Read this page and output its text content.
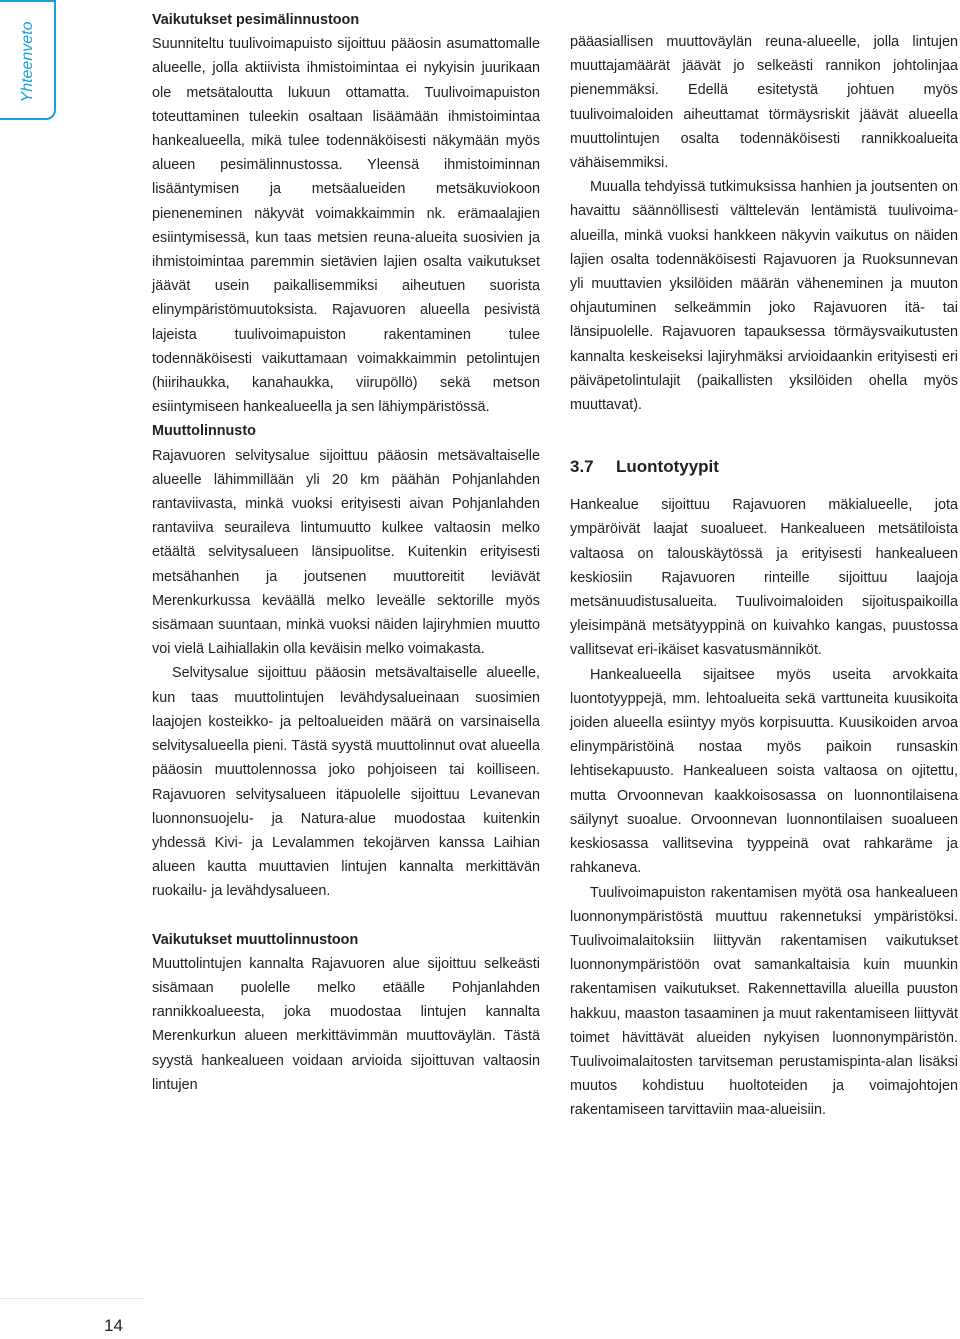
Yhteenveto

Vaikutukset pesimälinnustoon

Suunniteltu tuulivoimapuisto sijoittuu pääosin asumattomalle alueelle, jolla aktiivista ihmistoimintaa ei nykyisin juurikaan ole metsätaloutta lukuun ottamatta. Tuulivoimapuiston toteuttaminen tuleekin osaltaan lisäämään ihmistoimintaa hankealueella, mikä tulee todennäköisesti näkymään myös alueen pesimälinnustossa. Yleensä ihmistoiminnan lisääntymisen ja metsäalueiden metsäkuviokoon pieneneminen näkyvät voimakkaimmin nk. erämaalajien esiintymisessä, kun taas metsien reuna-alueita suosivien ja ihmistoimintaa paremmin sietävien lajien osalta vaikutukset jäävät usein paikallisemmiksi aiheutuen suorista elinympäristömuutoksista. Rajavuoren alueella pesivistä lajeista tuulivoimapuiston rakentaminen tulee todennäköisesti vaikuttamaan voimakkaimmin petolintujen (hiirihaukka, kanahaukka, viirupöllö) sekä metson esiintymiseen hankealueella ja sen lähiympäristössä.

Muuttolinnusto

Rajavuoren selvitysalue sijoittuu pääosin metsävaltaiselle alueelle lähimmillään yli 20 km päähän Pohjanlahden rantaviivasta, minkä vuoksi erityisesti aivan Pohjanlahden rantaviiva seuraileva lintumuutto kulkee valtaosin melko etäältä selvitysalueen länsipuolitse. Kuitenkin erityisesti metsähanhen ja joutsenen muuttoreitit leviävät Merenkurkussa keväällä melko leveälle sektorille myös sisämaan suuntaan, minkä vuoksi näiden lajiryhmien muutto voi vielä Laihiallakin olla keväisin melko voimakasta.

Selvitysalue sijoittuu pääosin metsävaltaiselle alueelle, kun taas muuttolintujen levähdysalueinaan suosimien laajojen kosteikko- ja peltoalueiden määrä on varsinaisella selvitysalueella pieni. Tästä syystä muuttolinnut ovat alueella pääosin muuttolennossa joko pohjoiseen tai koilliseen. Rajavuoren selvitysalueen itäpuolelle sijoittuu Levanevan luonnonsuojelu- ja Natura-alue muodostaa kuitenkin yhdessä Kivi- ja Levalammen tekojärven kanssa Laihian alueen kautta muuttavien lintujen kannalta merkittävän ruokailu- ja levähdysalueen.

Vaikutukset muuttolinnustoon

Muuttolintujen kannalta Rajavuoren alue sijoittuu selkeästi sisämaan puolelle melko etäälle Pohjanlahden rannikkoalueesta, joka muodostaa lintujen kannalta Merenkurkun alueen merkittävimmän muuttoväylän. Tästä syystä hankealueen voidaan arvioida sijoittuvan valtaosin lintujen

pääasiallisen muuttoväylän reuna-alueelle, jolla lintujen muuttajamäärät jäävät jo selkeästi rannikon johtolinjaa pienemmäksi. Edellä esitetystä johtuen myös tuulivoimaloiden aiheuttamat törmäysriskit jäävät alueella muuttolintujen osalta todennäköisesti rannikkoalueita vähäisemmiksi.

Muualla tehdyissä tutkimuksissa hanhien ja joutsenten on havaittu säännöllisesti välttelevän lentämistä tuulivoima-alueilla, minkä vuoksi hankkeen näkyvin vaikutus on näiden lajien osalta todennäköisesti Rajavuoren ja Ruoksunnevan yli muuttavien yksilöiden määrän väheneminen ja muuton ohjautuminen selkeämmin joko Rajavuoren itä- tai länsipuolelle. Rajavuoren tapauksessa törmäysvaikutusten kannalta keskeiseksi lajiryhmäksi arvioidaankin erityisesti eri päiväpetolintulajit (paikallisten yksilöiden ohella myös muuttavat).

3.7 Luontotyypit

Hankealue sijoittuu Rajavuoren mäkialueelle, jota ympäröivät laajat suoalueet. Hankealueen metsätiloista valtaosa on talouskäytössä ja erityisesti hankealueen keskiosiin Rajavuoren rinteille sijoittuu laajoja metsänuudistusalueita. Tuulivoimaloiden sijoituspaikoilla yleisimpänä metsätyyppinä on kuivahko kangas, puustossa vallitsevat eri-ikäiset kasvatusmänniköt.

Hankealueella sijaitsee myös useita arvokkaita luontotyyppejä, mm. lehtoalueita sekä varttuneita kuusikoita joiden alueella esiintyy myös korpisuutta. Kuusikoiden arvoa elinympäristöinä nostaa myös paikoin runsaskin lehtisekapuusto. Hankealueen soista valtaosa on ojitettu, mutta Orvoonnevan kaakkoisosassa on luonnontilaisena säilynyt suoalue. Orvoonnevan luonnontilaisen suoalueen keskiosassa vallitsevina tyyppeinä ovat rahkaräme ja rahkaneva.

Tuulivoimapuiston rakentamisen myötä osa hankealueen luonnonympäristöstä muuttuu rakennetuksi ympäristöksi. Tuulivoimalaitoksiin liittyvän rakentamisen vaikutukset luonnonympäristöön ovat samankaltaisia kuin muunkin rakentamisen vaikutukset. Rakennettavilla alueilla puuston hakkuu, maaston tasaaminen ja muut rakentamiseen liittyvät toimet hävittävät alueiden nykyisen luonnonympäristön. Tuulivoimalaitosten tarvitseman perustamispinta-alan lisäksi muutos kohdistuu huoltoteiden ja voimajohtojen rakentamiseen tarvittaviin maa-alueisiin.

14
